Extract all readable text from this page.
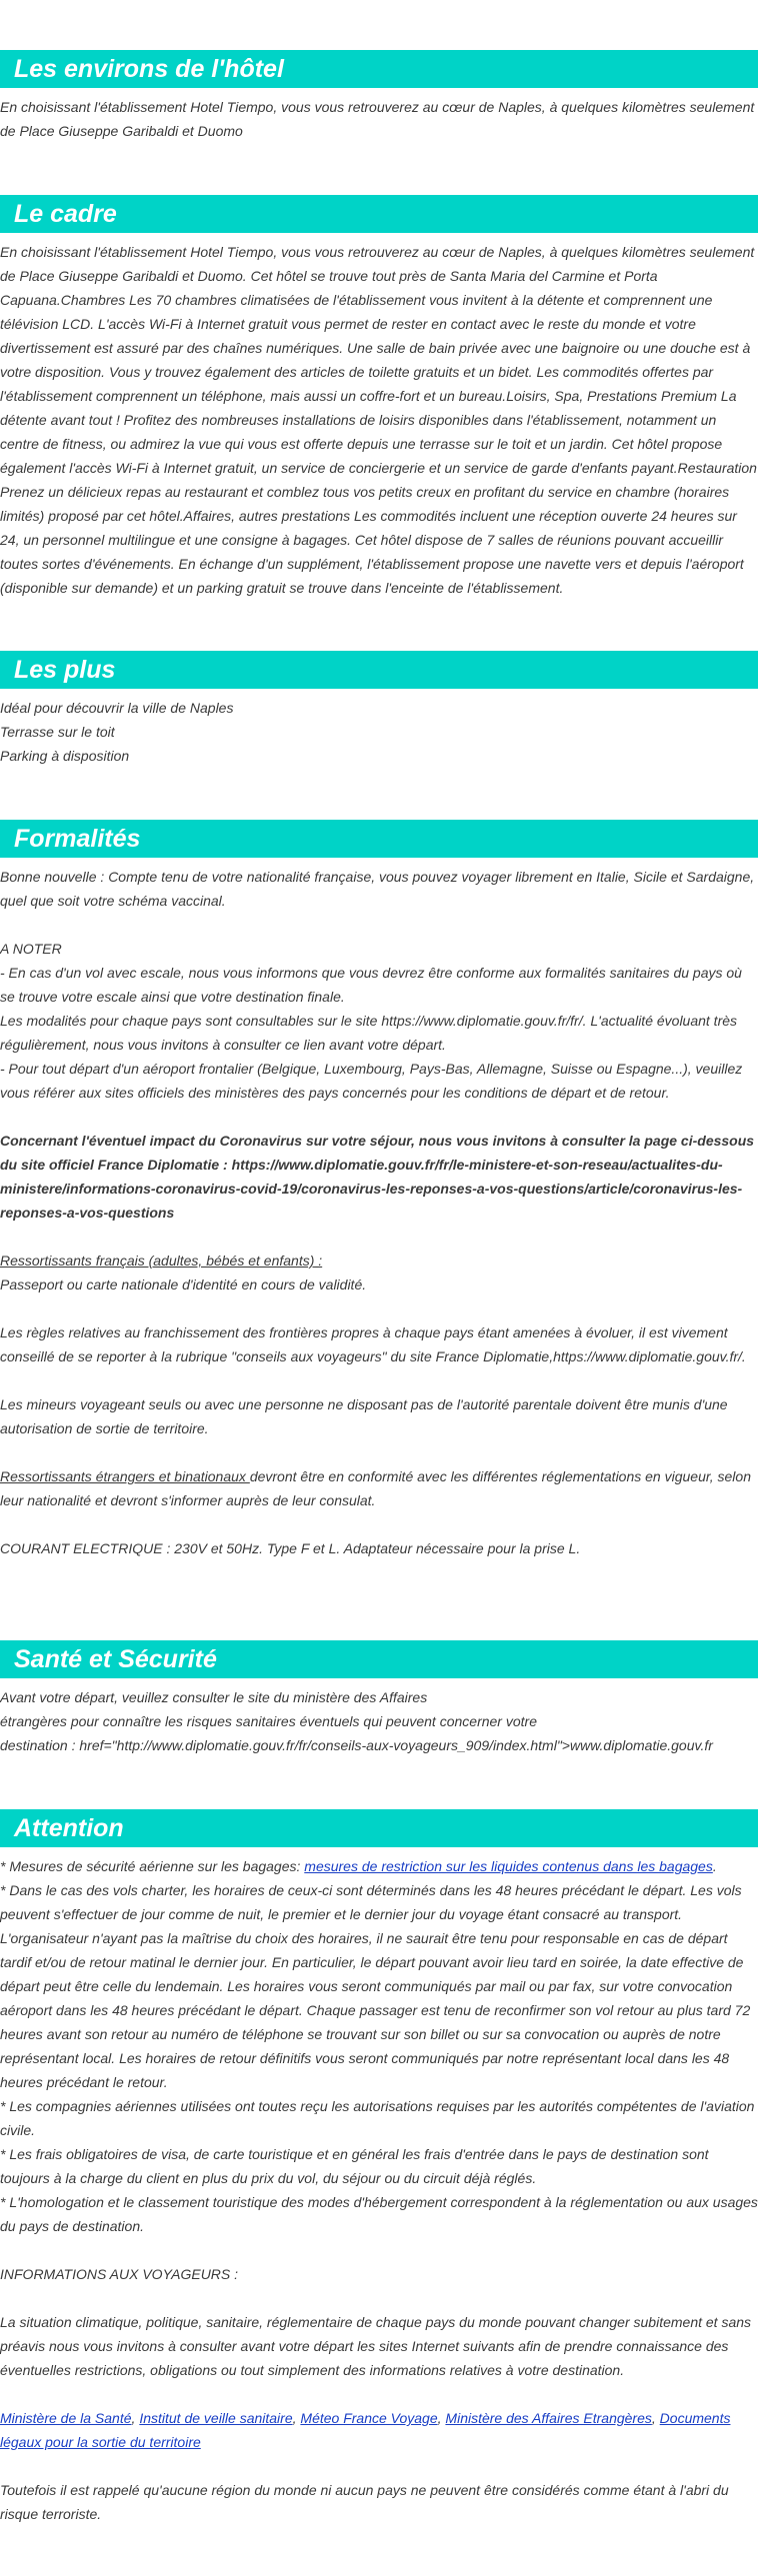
Les environs de l'hôtel

En choisissant l'établissement Hotel Tiempo, vous vous retrouverez au cœur de Naples, à quelques kilomètres seulement de Place Giuseppe Garibaldi et Duomo

Le cadre

En choisissant l'établissement Hotel Tiempo, vous vous retrouverez au cœur de Naples, à quelques kilomètres seulement de Place Giuseppe Garibaldi et Duomo. Cet hôtel se trouve tout près de Santa Maria del Carmine et Porta Capuana.Chambres Les 70 chambres climatisées de l'établissement vous invitent à la détente et comprennent une télévision LCD. L'accès Wi-Fi à Internet gratuit vous permet de rester en contact avec le reste du monde et votre divertissement est assuré par des chaînes numériques. Une salle de bain privée avec une baignoire ou une douche est à votre disposition. Vous y trouvez également des articles de toilette gratuits et un bidet. Les commodités offertes par l'établissement comprennent un téléphone, mais aussi un coffre-fort et un bureau.Loisirs, Spa, Prestations Premium La détente avant tout ! Profitez des nombreuses installations de loisirs disponibles dans l'établissement, notamment un centre de fitness, ou admirez la vue qui vous est offerte depuis une terrasse sur le toit et un jardin. Cet hôtel propose également l'accès Wi-Fi à Internet gratuit, un service de conciergerie et un service de garde d'enfants payant.Restauration Prenez un délicieux repas au restaurant et comblez tous vos petits creux en profitant du service en chambre (horaires limités) proposé par cet hôtel.Affaires, autres prestations Les commodités incluent une réception ouverte 24 heures sur 24, un personnel multilingue et une consigne à bagages. Cet hôtel dispose de 7 salles de réunions pouvant accueillir toutes sortes d'événements. En échange d'un supplément, l'établissement propose une navette vers et depuis l'aéroport (disponible sur demande) et un parking gratuit se trouve dans l'enceinte de l'établissement.

Les plus

Idéal pour découvrir la ville de Naples

Terrasse sur le toit

Parking à disposition

Formalités

Bonne nouvelle : Compte tenu de votre nationalité française, vous pouvez voyager librement en Italie, Sicile et Sardaigne, quel que soit votre schéma vaccinal.

A NOTER

- En cas d'un vol avec escale, nous vous informons que vous devrez être conforme aux formalités sanitaires du pays où se trouve votre escale ainsi que votre destination finale.

Les modalités pour chaque pays sont consultables sur le site https://www.diplomatie.gouv.fr/fr/. L'actualité évoluant très régulièrement, nous vous invitons à consulter ce lien avant votre départ.

- Pour tout départ d'un aéroport frontalier (Belgique, Luxembourg, Pays-Bas, Allemagne, Suisse ou Espagne...), veuillez vous référer aux sites officiels des ministères des pays concernés pour les conditions de départ et de retour.

Concernant l'éventuel impact du Coronavirus sur votre séjour, nous vous invitons à consulter la page ci-dessous du site officiel France Diplomatie : https://www.diplomatie.gouv.fr/fr/le-ministere-et-son-reseau/actualites-du-ministere/informations-coronavirus-covid-19/coronavirus-les-reponses-a-vos-questions/article/coronavirus-les-reponses-a-vos-questions

Ressortissants français (adultes, bébés et enfants) :

Passeport ou carte nationale d'identité en cours de validité.

Les règles relatives au franchissement des frontières propres à chaque pays étant amenées à évoluer, il est vivement conseillé de se reporter à la rubrique "conseils aux voyageurs" du site France Diplomatie,https://www.diplomatie.gouv.fr/.

Les mineurs voyageant seuls ou avec une personne ne disposant pas de l'autorité parentale doivent être munis d'une autorisation de sortie de territoire.

Ressortissants étrangers et binationaux devront être en conformité avec les différentes réglementations en vigueur, selon leur nationalité et devront s'informer auprès de leur consulat.

COURANT ELECTRIQUE : 230V et 50Hz. Type F et L. Adaptateur nécessaire pour la prise L.

Santé et Sécurité

Avant votre départ, veuillez consulter le site du ministère des Affaires

étrangères pour connaître les risques sanitaires éventuels qui peuvent concerner votre

destination : href="http://www.diplomatie.gouv.fr/fr/conseils-aux-voyageurs_909/index.html">www.diplomatie.gouv.fr

Attention

* Mesures de sécurité aérienne sur les bagages: mesures de restriction sur les liquides contenus dans les bagages.

* Dans le cas des vols charter, les horaires de ceux-ci sont déterminés dans les 48 heures précédant le départ. Les vols peuvent s'effectuer de jour comme de nuit, le premier et le dernier jour du voyage étant consacré au transport. L'organisateur n'ayant pas la maîtrise du choix des horaires, il ne saurait être tenu pour responsable en cas de départ tardif et/ou de retour matinal le dernier jour. En particulier, le départ pouvant avoir lieu tard en soirée, la date effective de départ peut être celle du lendemain. Les horaires vous seront communiqués par mail ou par fax, sur votre convocation aéroport dans les 48 heures précédant le départ. Chaque passager est tenu de reconfirmer son vol retour au plus tard 72 heures avant son retour au numéro de téléphone se trouvant sur son billet ou sur sa convocation ou auprès de notre représentant local. Les horaires de retour définitifs vous seront communiqués par notre représentant local dans les 48 heures précédant le retour.

* Les compagnies aériennes utilisées ont toutes reçu les autorisations requises par les autorités compétentes de l'aviation civile.

* Les frais obligatoires de visa, de carte touristique et en général les frais d'entrée dans le pays de destination sont toujours à la charge du client en plus du prix du vol, du séjour ou du circuit déjà réglés.

* L'homologation et le classement touristique des modes d'hébergement correspondent à la réglementation ou aux usages du pays de destination.

INFORMATIONS AUX VOYAGEURS :

La situation climatique, politique, sanitaire, réglementaire de chaque pays du monde pouvant changer subitement et sans préavis nous vous invitons à consulter avant votre départ les sites Internet suivants afin de prendre connaissance des éventuelles restrictions, obligations ou tout simplement des informations relatives à votre destination.

Ministère de la Santé, Institut de veille sanitaire, Méteo France Voyage, Ministère des Affaires Etrangères, Documents légaux pour la sortie du territoire

Toutefois il est rappelé qu'aucune région du monde ni aucun pays ne peuvent être considérés comme étant à l'abri du risque terroriste.
